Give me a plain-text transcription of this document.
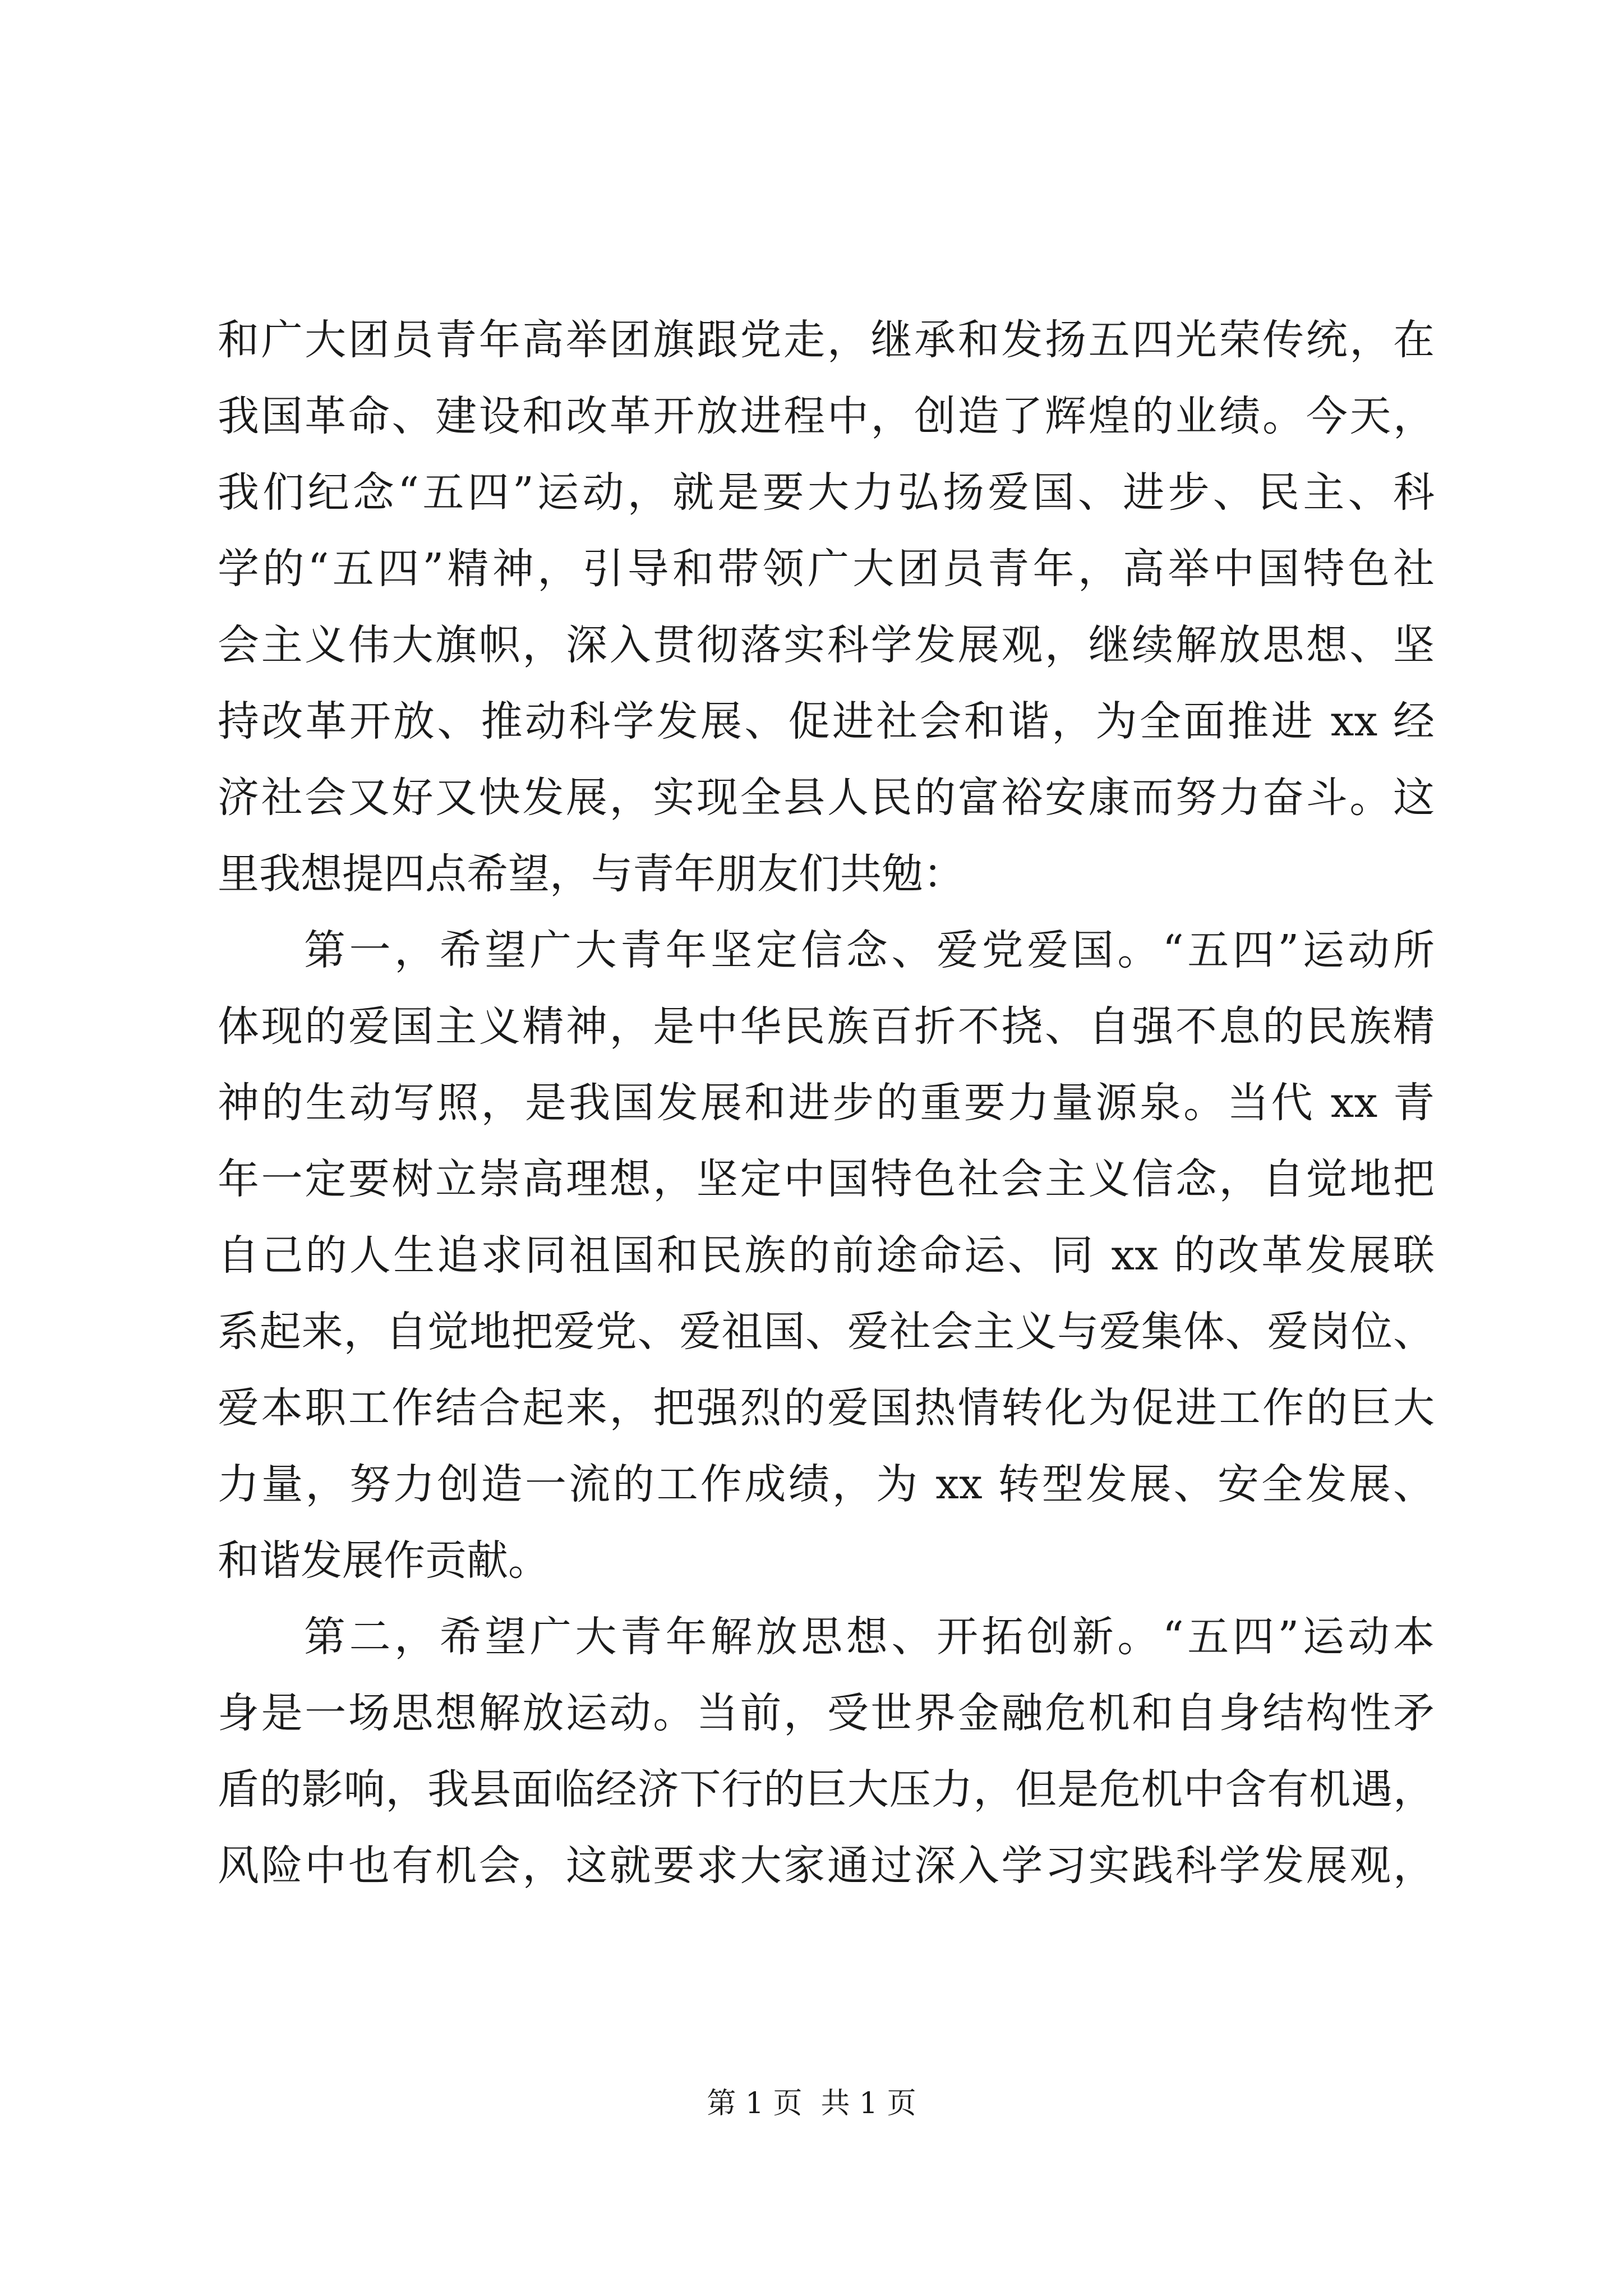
和广大团员青年高举团旗跟党走，继承和发扬五四光荣传统，在
我国革命、建设和改革开放进程中，创造了辉煌的业绩。今天，
我们纪念“五四”运动，就是要大力弘扬爱国、进步、民主、科
学的“五四”精神，引导和带领广大团员青年，高举中国特色社
会主义伟大旗帜，深入贯彻落实科学发展观，继续解放思想、坚
持改革开放、推动科学发展、促进社会和谐，为全面推进 xx 经
济社会又好又快发展，实现全县人民的富裕安康而努力奋斗。这
里我想提四点希望，与青年朋友们共勉：
第一，希望广大青年坚定信念、爱党爱国。“五四”运动所
体现的爱国主义精神，是中华民族百折不挠、自强不息的民族精
神的生动写照，是我国发展和进步的重要力量源泉。当代 xx 青
年一定要树立崇高理想，坚定中国特色社会主义信念，自觉地把
自己的人生追求同祖国和民族的前途命运、同 xx 的改革发展联
系起来，自觉地把爱党、爱祖国、爱社会主义与爱集体、爱岗位、
爱本职工作结合起来，把强烈的爱国热情转化为促进工作的巨大
力量，努力创造一流的工作成绩，为 xx 转型发展、安全发展、
和谐发展作贡献。
第二，希望广大青年解放思想、开拓创新。“五四”运动本
身是一场思想解放运动。当前，受世界金融危机和自身结构性矛
盾的影响，我县面临经济下行的巨大压力，但是危机中含有机遇，
风险中也有机会，这就要求大家通过深入学习实践科学发展观，
第 1 页  共 1 页
